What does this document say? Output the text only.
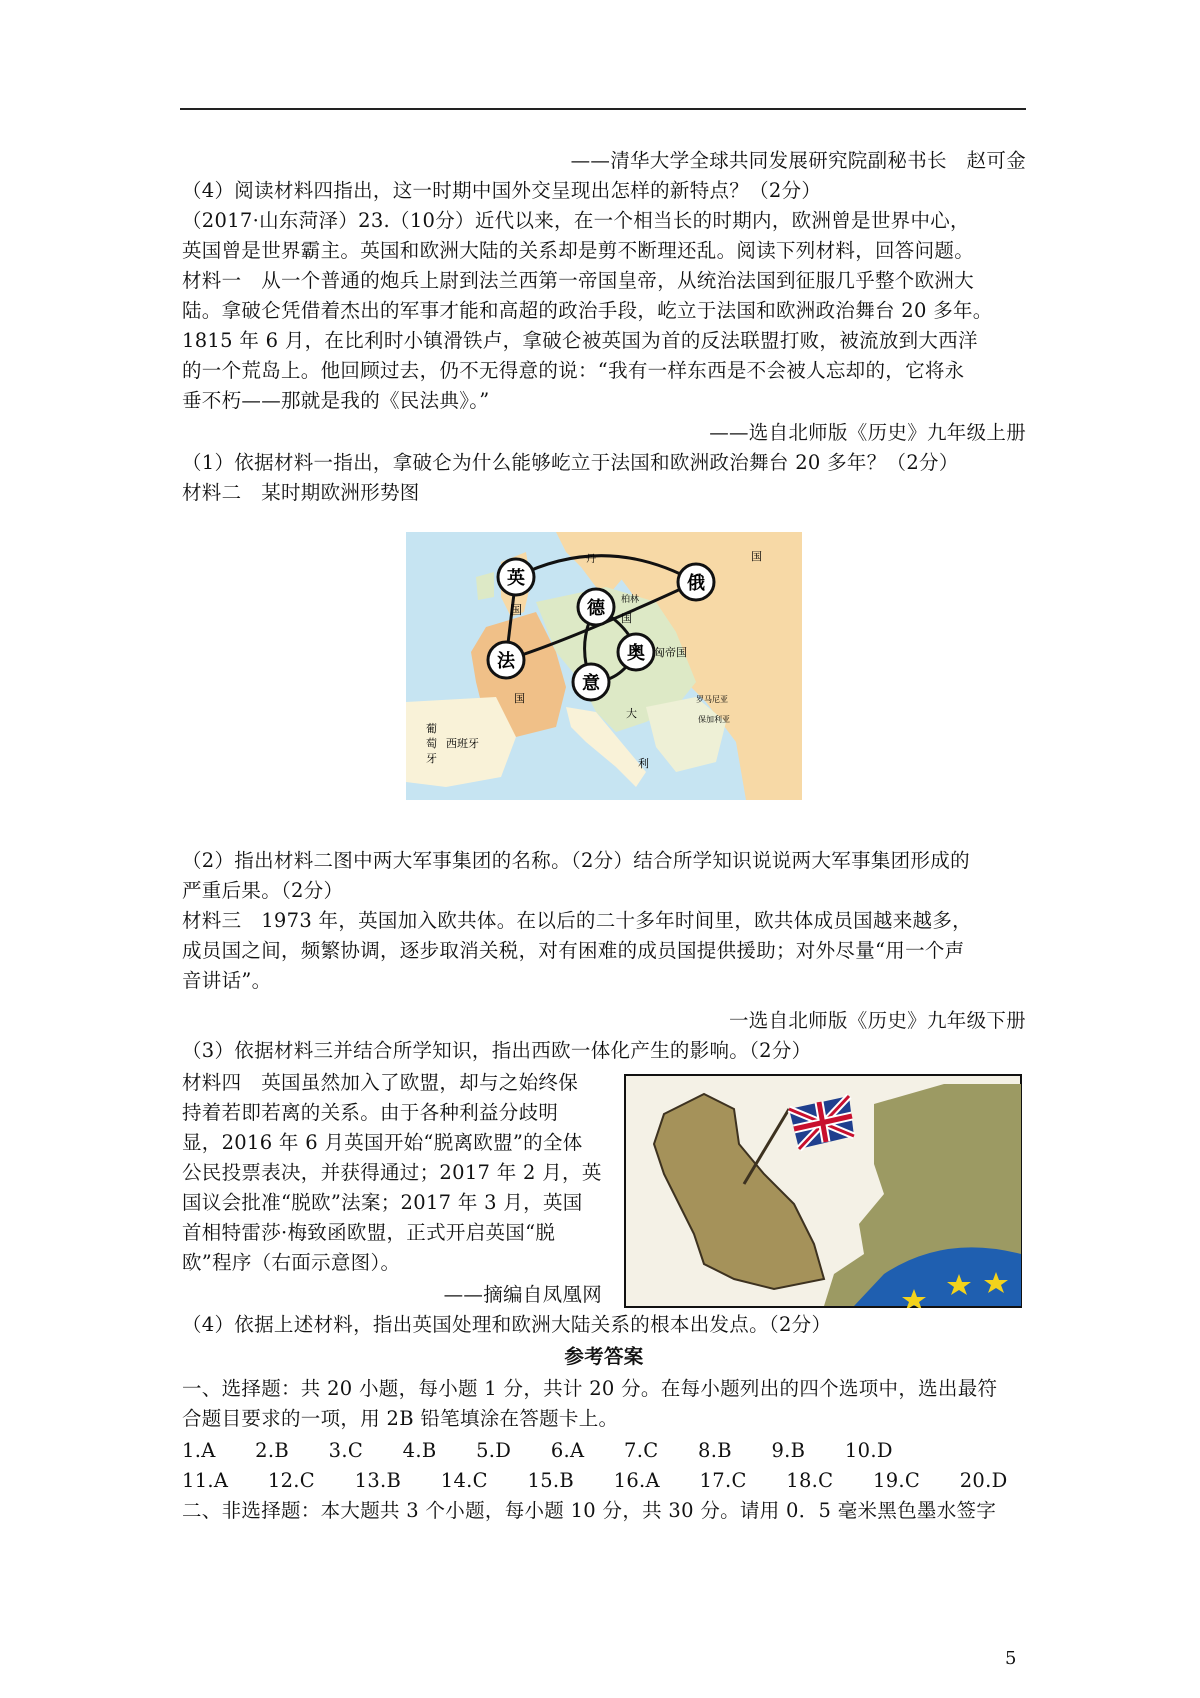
——清华大学全球共同发展研究院副秘书长　赵可金
（4）阅读材料四指出，这一时期中国外交呈现出怎样的新特点？（2分）
（2017·山东菏泽）23.（10分）近代以来，在一个相当长的时期内，欧洲曾是世界中心，
英国曾是世界霸主。英国和欧洲大陆的关系却是剪不断理还乱。阅读下列材料，回答问题。
材料一　从一个普通的炮兵上尉到法兰西第一帝国皇帝，从统治法国到征服几乎整个欧洲大
陆。拿破仑凭借着杰出的军事才能和高超的政治手段，屹立于法国和欧洲政治舞台 20 多年。
1815 年 6 月，在比利时小镇滑铁卢，拿破仑被英国为首的反法联盟打败，被流放到大西洋
的一个荒岛上。他回顾过去，仍不无得意的说：“我有一样东西是不会被人忘却的，它将永
垂不朽——那就是我的《民法典》。”
——选自北师版《历史》九年级上册
（1）依据材料一指出，拿破仑为什么能够屹立于法国和欧洲政治舞台 20 多年？（2分）
材料二　某时期欧洲形势图
英
国
俄
德
法	奥
意
国
国
国
匈帝国
葡
萄
牙
西班牙
大
利
丹
柏林
罗马尼亚
保加利亚
（2）指出材料二图中两大军事集团的名称。（2分）结合所学知识说说两大军事集团形成的
严重后果。（2分）
材料三　1973 年，英国加入欧共体。在以后的二十多年时间里，欧共体成员国越来越多，
成员国之间，频繁协调，逐步取消关税，对有困难的成员国提供援助；对外尽量“用一个声
音讲话”。
一选自北师版《历史》九年级下册
（3）依据材料三并结合所学知识，指出西欧一体化产生的影响。（2分）
材料四　英国虽然加入了欧盟，却与之始终保
持着若即若离的关系。由于各种利益分歧明
显，2016 年 6 月英国开始“脱离欧盟”的全体
公民投票表决，并获得通过；2017 年 2 月，英
国议会批准“脱欧”法案；2017 年 3 月，英国
首相特雷莎·梅致函欧盟，正式开启英国“脱
欧”程序（右面示意图）。
——摘编自凤凰网
（4）依据上述材料，指出英国处理和欧洲大陆关系的根本出发点。（2分）
参考答案
一、选择题：共 20 小题，每小题 1 分，共计 20 分。在每小题列出的四个选项中，选出最符
合题目要求的一项，用 2B 铅笔填涂在答题卡上。
1.A　　2.B　　3.C　　4.B　　5.D　　6.A　　7.C　　8.B　　9.B　　10.D
11.A　　12.C　　13.B　　14.C　　15.B　　16.A　　17.C　　18.C　　19.C　　20.D
二、非选择题：本大题共 3 个小题，每小题 10 分，共 30 分。请用 0．5 毫米黑色墨水签字
5
